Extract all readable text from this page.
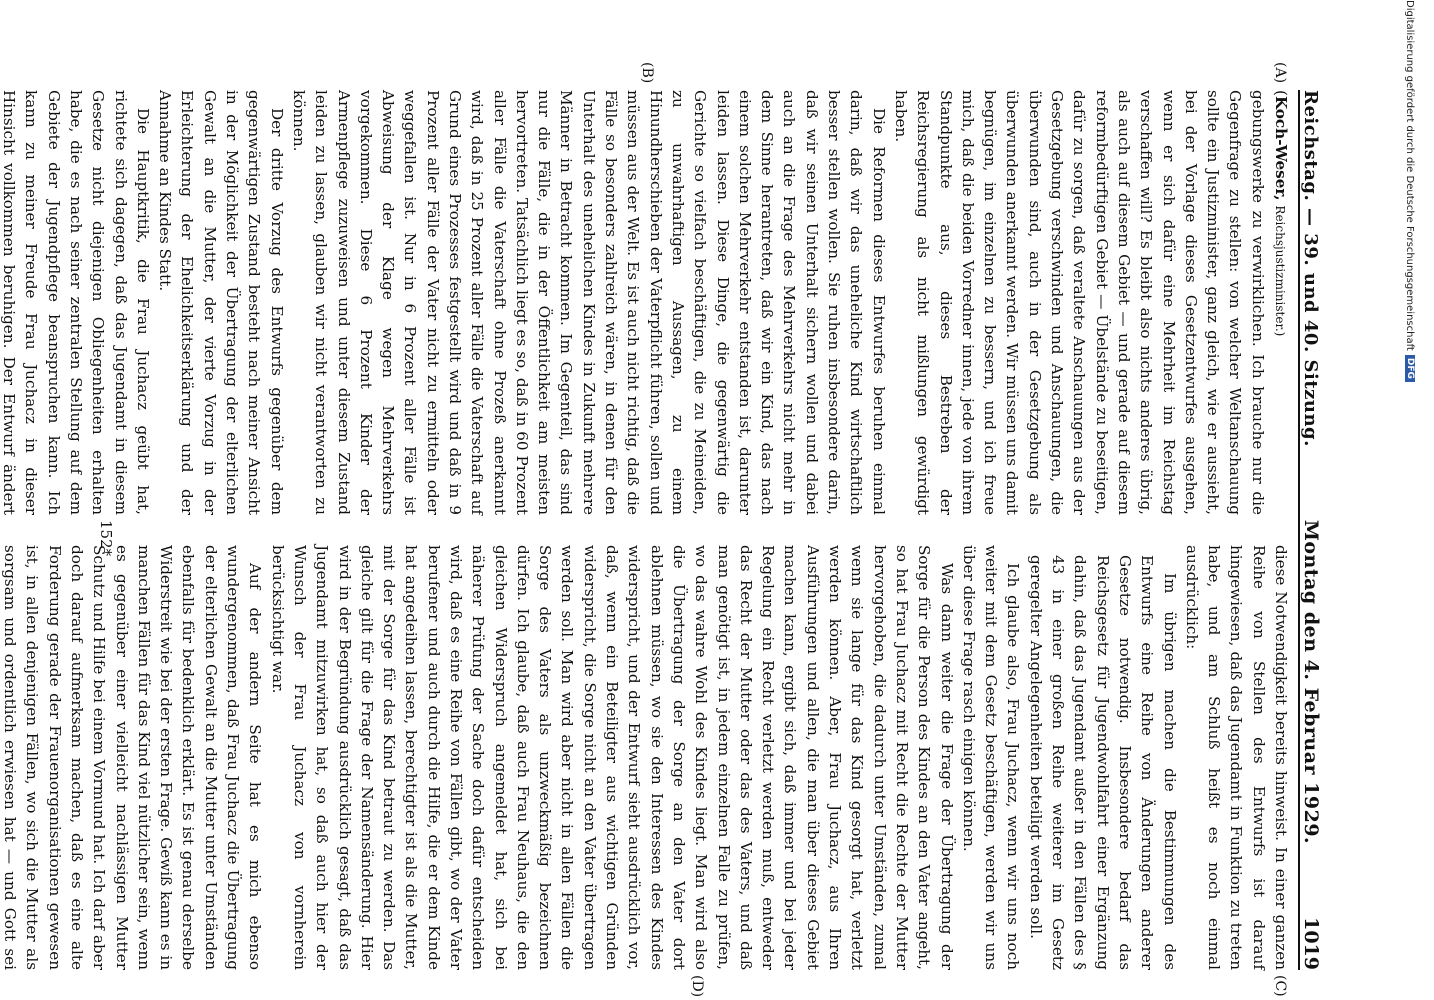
Reichstag. — 39. und 40. Sitzung.
Montag den 4. Februar 1929.
1019
(A)
(B)
(C)
(D)

(Koch-Weser, Reichsjustizminister.)

gebungswerke zu verwirklichen. Ich brauche nur die Gegenfrage zu stellen: von welcher Weltanschauung sollte ein Justizminister, ganz gleich, wie er aussieht, bei der Vorlage dieses Gesetzentwurfes ausgehen, wenn er sich dafür eine Mehrheit im Reichstag verschaffen will? Es bleibt also nichts anderes übrig, als auch auf diesem Gebiet — und gerade auf diesem reformbedürftigen Gebiet — Übelstände zu beseitigen, dafür zu sorgen, daß veraltete Anschauungen aus der Gesetzgebung verschwinden und Anschauungen, die überwunden sind, auch in der Gesetzgebung als überwunden anerkannt werden. Wir müssen uns damit begnügen, im einzelnen zu bessern, und ich freue mich, daß die beiden Vorredner innen, jede von ihrem Standpunkte aus, dieses Bestreben der Reichsregierung als nicht mißlungen gewürdigt haben.

Die Reformen dieses Entwurfes beruhen einmal darin, daß wir das uneheliche Kind wirtschaftlich besser stellen wollen. Sie ruhen insbesondere darin, daß wir seinen Unterhalt sichern wollen und dabei auch an die Frage des Mehrverkehrs nicht mehr in dem Sinne herantreten, daß wir ein Kind, das nach einem solchen Mehrverkehr entstanden ist, darunter leiden lassen. Diese Dinge, die gegenwärtig die Gerichte so vielfach beschäftigen, die zu Meineiden, zu unwahrhaftigen Aussagen, zu einem Hinundherschieben der Vaterpflicht führen, sollen und müssen aus der Welt. Es ist auch nicht richtig, daß die Fälle so besonders zahlreich wären, in denen für den Unterhalt des unehelichen Kindes in Zukunft mehrere Männer in Betracht kommen. Im Gegenteil, das sind nur die Fälle, die in der Öffentlichkeit am meisten hervortreten. Tatsächlich liegt es so, daß in 60 Prozent aller Fälle die Vaterschaft ohne Prozeß anerkannt wird, daß in 25 Prozent aller Fälle die Vaterschaft auf Grund eines Prozesses festgestellt wird und daß in 9 Prozent aller Fälle der Vater nicht zu ermitteln oder weggefallen ist. Nur in 6 Prozent aller Fälle ist Abweisung der Klage wegen Mehrverkehrs vorgekommen. Diese 6 Prozent Kinder der Armenpflege zuzuweisen und unter diesem Zustand leiden zu lassen, glauben wir nicht verantworten zu können.

Der dritte Vorzug des Entwurfs gegenüber dem gegenwärtigen Zustand besteht nach meiner Ansicht in der Möglichkeit der Übertragung der elterlichen Gewalt an die Mutter, der vierte Vorzug in der Erleichterung der Ehelichkeitserklärung und der Annahme an Kindes Statt.

Die Hauptkritik, die Frau Juchacz geübt hat, richtete sich dagegen, daß das Jugendamt in diesem Gesetze nicht diejenigen Obliegenheiten erhalten habe, die es nach seiner zentralen Stellung auf dem Gebiete der Jugendpflege beanspruchen kann. Ich kann zu meiner Freude Frau Juchacz in dieser Hinsicht vollkommen beruhigen. Der Entwurf ändert

diese Notwendigkeit bereits hinweist. In einer ganzen Reihe von Stellen des Entwurfs ist darauf hingewiesen, daß das Jugendamt in Funktion zu treten habe, und am Schluß heißt es noch einmal ausdrücklich:

Im übrigen machen die Bestimmungen des Entwurfs eine Reihe von Änderungen anderer Gesetze notwendig. Insbesondere bedarf das Reichsgesetz für Jugendwohlfahrt einer Ergänzung dahin, daß das Jugendamt außer in den Fällen des § 43 in einer großen Reihe weiterer im Gesetz geregelter Angelegenheiten beteiligt werden soll.

Ich glaube also, Frau Juchacz, wenn wir uns noch weiter mit dem Gesetz beschäftigen, werden wir uns über diese Frage rasch einigen können.

Was dann weiter die Frage der Übertragung der Sorge für die Person des Kindes an den Vater angeht, so hat Frau Juchacz mit Recht die Rechte der Mutter hervorgehoben, die dadurch unter Umständen, zumal wenn sie lange für das Kind gesorgt hat, verletzt werden können. Aber, Frau Juchacz, aus Ihren Ausführungen und allen, die man über dieses Gebiet machen kann, ergibt sich, daß immer und bei jeder Regelung ein Recht verletzt werden muß, entweder das Recht der Mutter oder das des Vaters, und daß man genötigt ist, in jedem einzelnen Falle zu prüfen, wo das wahre Wohl des Kindes liegt. Man wird also die Übertragung der Sorge an den Vater dort ablehnen müssen, wo sie den Interessen des Kindes widerspricht, und der Entwurf sieht ausdrücklich vor, daß, wenn ein Beteiligter aus wichtigen Gründen widerspricht, die Sorge nicht an den Vater übertragen werden soll. Man wird aber nicht in allen Fällen die Sorge des Vaters als unzweckmäßig bezeichnen dürfen. Ich glaube, daß auch Frau Neuhaus, die den gleichen Widerspruch angemeldet hat, sich bei näherer Prüfung der Sache doch dafür entscheiden wird, daß es eine Reihe von Fällen gibt, wo der Vater berufener und auch durch die Hilfe, die er dem Kinde hat angedeihen lassen, berechtigter ist als die Mutter, mit der Sorge für das Kind betraut zu werden. Das gleiche gilt für die Frage der Namensänderung. Hier wird in der Begründung ausdrücklich gesagt, daß das Jugendamt mitzuwirken hat, so daß auch hier der Wunsch der Frau Juchacz von vornherein berücksichtigt war.

Auf der andern Seite hat es mich ebenso wundergenommen, daß Frau Juchacz die Übertragung der elterlichen Gewalt an die Mutter unter Umständen ebenfalls für bedenklich erklärt. Es ist genau derselbe Widerstreit wie bei der ersten Frage. Gewiß kann es in manchen Fällen für das Kind viel nützlicher sein, wenn es gegenüber einer vielleicht nachlässigen Mutter Schutz und Hilfe bei einem Vormund hat. Ich darf aber doch darauf aufmerksam machen, daß es eine alte Forderung gerade der Frauenorganisationen gewesen ist, in allen denjenigen Fällen, wo sich die Mutter als sorgsam und ordentlich erwiesen hat — und Gott sei

152*
Digitalisierung gefördert durch die Deutsche Forschungsgemeinschaft
DFG
